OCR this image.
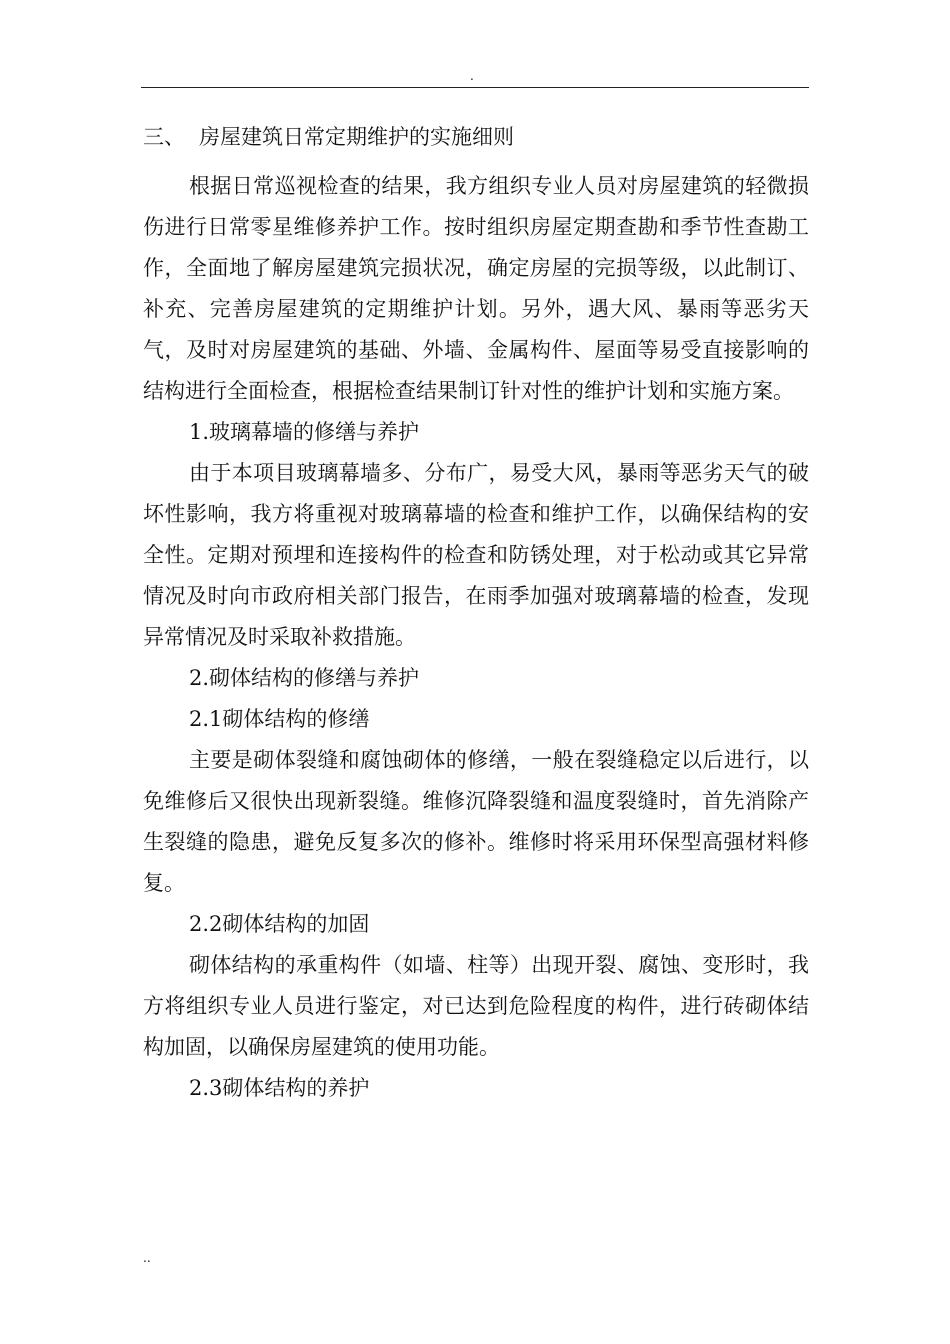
.
三、 房屋建筑日常定期维护的实施细则

根据日常巡视检查的结果，我方组织专业人员对房屋建筑的轻微损伤进行日常零星维修养护工作。按时组织房屋定期查勘和季节性查勘工作，全面地了解房屋建筑完损状况，确定房屋的完损等级，以此制订、补充、完善房屋建筑的定期维护计划。另外，遇大风、暴雨等恶劣天气，及时对房屋建筑的基础、外墙、金属构件、屋面等易受直接影响的结构进行全面检查，根据检查结果制订针对性的维护计划和实施方案。

1.玻璃幕墙的修缮与养护

由于本项目玻璃幕墙多、分布广，易受大风，暴雨等恶劣天气的破坏性影响，我方将重视对玻璃幕墙的检查和维护工作，以确保结构的安全性。定期对预埋和连接构件的检查和防锈处理，对于松动或其它异常情况及时向市政府相关部门报告，在雨季加强对玻璃幕墙的检查，发现异常情况及时采取补救措施。

2.砌体结构的修缮与养护

2.1砌体结构的修缮

主要是砌体裂缝和腐蚀砌体的修缮，一般在裂缝稳定以后进行，以免维修后又很快出现新裂缝。维修沉降裂缝和温度裂缝时，首先消除产生裂缝的隐患，避免反复多次的修补。维修时将采用环保型高强材料修复。

2.2砌体结构的加固

砌体结构的承重构件（如墙、柱等）出现开裂、腐蚀、变形时，我方将组织专业人员进行鉴定，对已达到危险程度的构件，进行砖砌体结构加固，以确保房屋建筑的使用功能。

2.3砌体结构的养护

..
